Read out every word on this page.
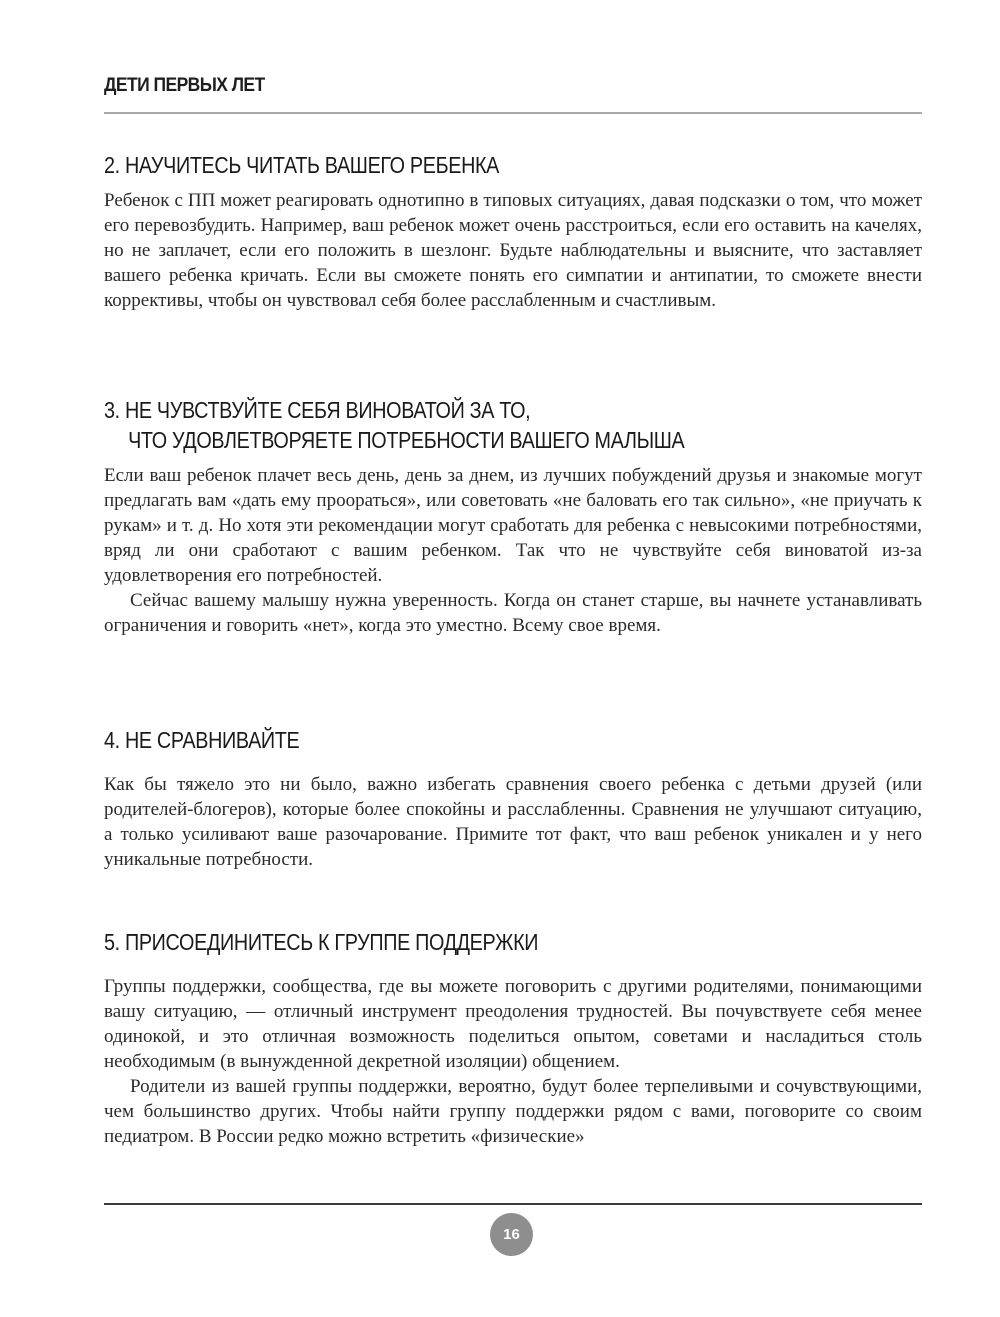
ДЕТИ ПЕРВЫХ ЛЕТ
2. НАУЧИТЕСЬ ЧИТАТЬ ВАШЕГО РЕБЕНКА

Ребенок с ПП может реагировать однотипно в типовых ситуациях, давая подсказки о том, что может его перевозбудить. Например, ваш ребенок может очень расстроиться, если его оставить на качелях, но не заплачет, если его положить в шезлонг. Будьте наблюдательны и выясните, что заставляет вашего ребенка кричать. Если вы сможете понять его симпатии и антипатии, то сможете внести коррективы, чтобы он чувствовал себя более расслабленным и счастливым.

3. НЕ ЧУВСТВУЙТЕ СЕБЯ ВИНОВАТОЙ ЗА ТО,
ЧТО УДОВЛЕТВОРЯЕТЕ ПОТРЕБНОСТИ ВАШЕГО МАЛЫША

Если ваш ребенок плачет весь день, день за днем, из лучших побуждений друзья и знакомые могут предлагать вам «дать ему проораться», или советовать «не баловать его так сильно», «не приучать к рукам» и т. д. Но хотя эти рекомендации могут сработать для ребенка с невысокими потребностями, вряд ли они сработают с вашим ребенком. Так что не чувствуйте себя виноватой из-за удовлетворения его потребностей.

Сейчас вашему малышу нужна уверенность. Когда он станет старше, вы начнете устанавливать ограничения и говорить «нет», когда это уместно. Всему свое время.

4. НЕ СРАВНИВАЙТЕ

Как бы тяжело это ни было, важно избегать сравнения своего ребенка с детьми друзей (или родителей-блогеров), которые более спокойны и расслабленны. Сравнения не улучшают ситуацию, а только усиливают ваше разочарование. Примите тот факт, что ваш ребенок уникален и у него уникальные потребности.

5. ПРИСОЕДИНИТЕСЬ К ГРУППЕ ПОДДЕРЖКИ

Группы поддержки, сообщества, где вы можете поговорить с другими родителями, понимающими вашу ситуацию, — отличный инструмент преодоления трудностей. Вы почувствуете себя менее одинокой, и это отличная возможность поделиться опытом, советами и насладиться столь необходимым (в вынужденной декретной изоляции) общением.

Родители из вашей группы поддержки, вероятно, будут более терпеливыми и сочувствующими, чем большинство других. Чтобы найти группу поддержки рядом с вами, поговорите со своим педиатром. В России редко можно встретить «физические»

16
